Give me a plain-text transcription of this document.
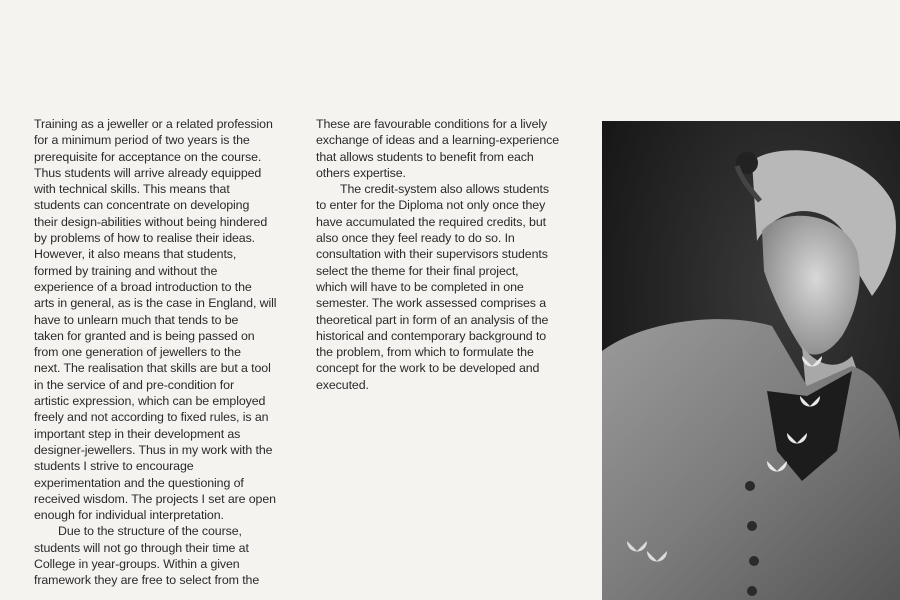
Training as a jeweller or a related profession
for a minimum period of two years is the
prerequisite for acceptance on the course.
Thus students will arrive already equipped
with technical skills. This means that
students can concentrate on developing
their design-abilities without being hindered
by problems of how to realise their ideas.
However, it also means that students,
formed by training and without the
experience of a broad introduction to the
arts in general, as is the case in England, will
have to unlearn much that tends to be
taken for granted and is being passed on
from one generation of jewellers to the
next. The realisation that skills are but a tool
in the service of and pre-condition for
artistic expression, which can be employed
freely and not according to fixed rules, is an
important step in their development as
designer-jewellers. Thus in my work with the
students I strive to encourage
experimentation and the questioning of
received wisdom. The projects I set are open
enough for individual interpretation.

Due to the structure of the course,
students will not go through their time at
College in year-groups. Within a given
framework they are free to select from the

These are favourable conditions for a lively
exchange of ideas and a learning-experience
that allows students to benefit from each
others expertise.

The credit-system also allows students
to enter for the Diploma not only once they
have accumulated the required credits, but
also once they feel ready to do so. In
consultation with their supervisors students
select the theme for their final project,
which will have to be completed in one
semester. The work assessed comprises a
theoretical part in form of an analysis of the
historical and contemporary background to
the problem, from which to formulate the
concept for the work to be developed and
executed.
